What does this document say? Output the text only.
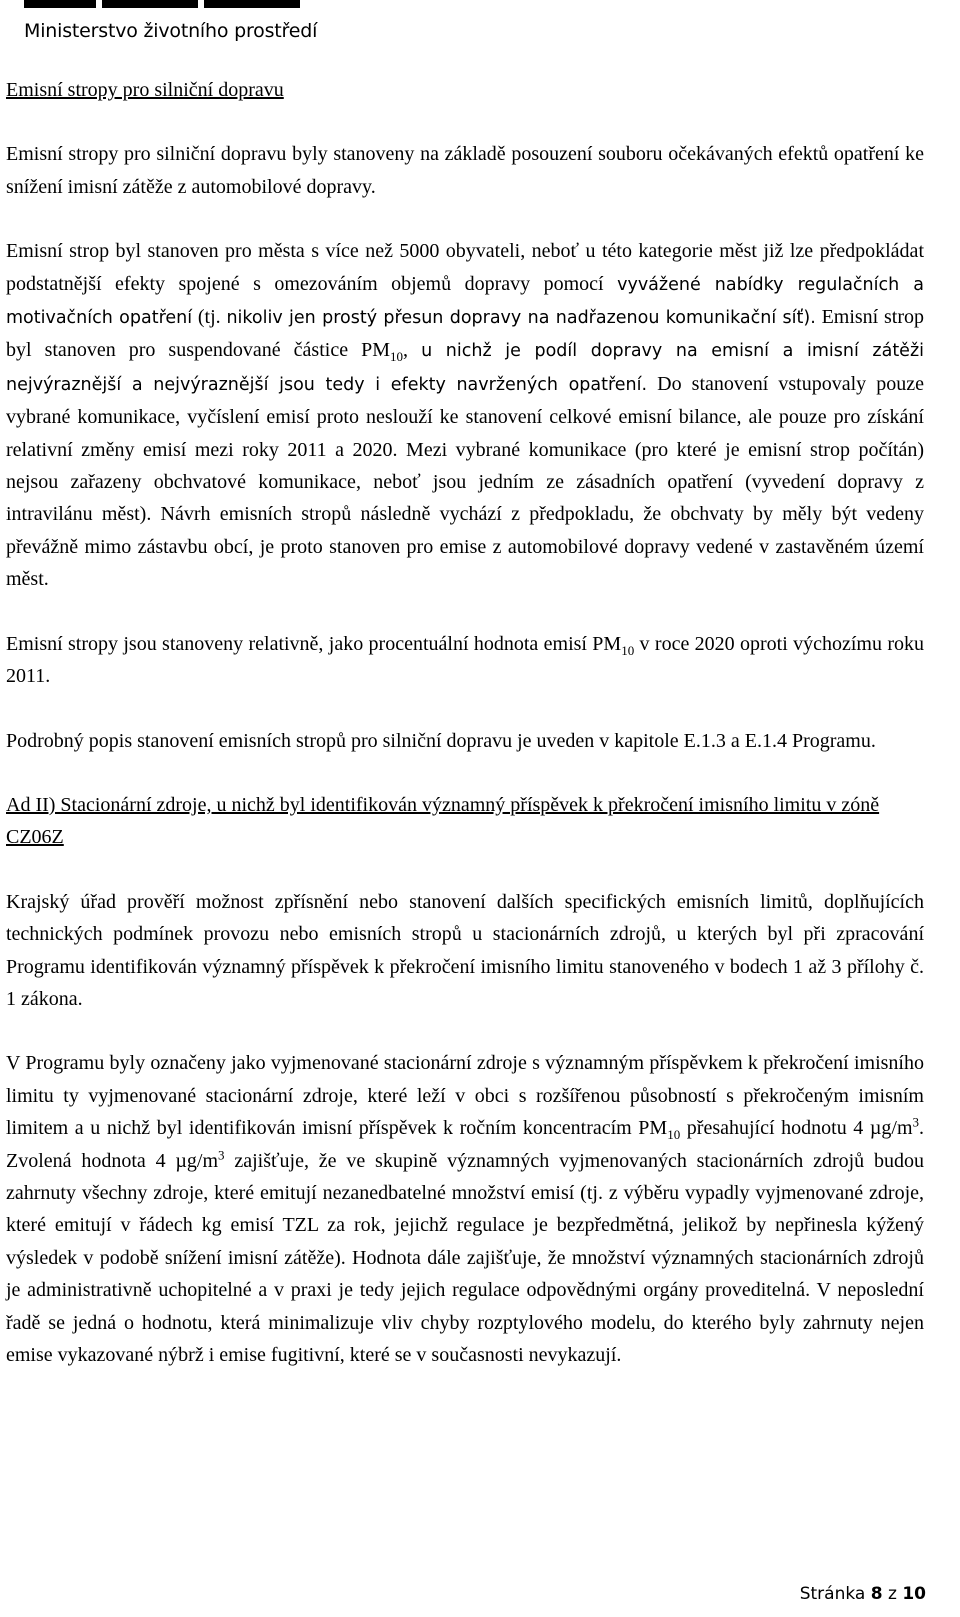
Ministerstvo životního prostředí

Emisní stropy pro silniční dopravu

Emisní stropy pro silniční dopravu byly stanoveny na základě posouzení souboru očekávaných efektů opatření ke snížení imisní zátěže z automobilové dopravy.

Emisní strop byl stanoven pro města s více než 5000 obyvateli, neboť u této kategorie měst již lze předpokládat podstatnější efekty spojené s omezováním objemů dopravy pomocí vyvážené nabídky regulačních a motivačních opatření (tj. nikoliv jen prostý přesun dopravy na nadřazenou komunikační síť). Emisní strop byl stanoven pro suspendované částice $PM_{10}$, u nichž je podíl dopravy na emisní a imisní zátěži nejvýraznější a nejvýraznější jsou tedy i efekty navržených opatření. Do stanovení vstupovaly pouze vybrané komunikace, vyčíslení emisí proto neslouží ke stanovení celkové emisní bilance, ale pouze pro získání relativní změny emisí mezi roky 2011 a 2020. Mezi vybrané komunikace (pro které je emisní strop počítán) nejsou zařazeny obchvatové komunikace, neboť jsou jedním ze zásadních opatření (vyvedení dopravy z intravilánu měst). Návrh emisních stropů následně vychází z předpokladu, že obchvaty by měly být vedeny převážně mimo zástavbu obcí, je proto stanoven pro emise z automobilové dopravy vedené v zastavěném území měst.

Emisní stropy jsou stanoveny relativně, jako procentuální hodnota emisí $PM_{10}$ v roce 2020 oproti výchozímu roku 2011.

Podrobný popis stanovení emisních stropů pro silniční dopravu je uveden v kapitole E.1.3 a E.1.4 Programu.

Ad II) Stacionární zdroje, u nichž byl identifikován významný příspěvek k překročení imisního limitu v zóně CZ06Z

Krajský úřad prověří možnost zpřísnění nebo stanovení dalších specifických emisních limitů, doplňujících technických podmínek provozu nebo emisních stropů u stacionárních zdrojů, u kterých byl při zpracování Programu identifikován významný příspěvek k překročení imisního limitu stanoveného v bodech 1 až 3 přílohy č. 1 zákona.

V Programu byly označeny jako vyjmenované stacionární zdroje s významným příspěvkem k překročení imisního limitu ty vyjmenované stacionární zdroje, které leží v obci s rozšířenou působností s překročeným imisním limitem a u nichž byl identifikován imisní příspěvek k ročním koncentracím $PM_{10}$ přesahující hodnotu 4 $\mu g/m^3$. Zvolená hodnota 4 $\mu g/m^3$ zajišťuje, že ve skupině významných vyjmenovaných stacionárních zdrojů budou zahrnuty všechny zdroje, které emitují nezanedbatelné množství emisí (tj. z výběru vypadly vyjmenované zdroje, které emitují v řádech kg emisí TZL za rok, jejichž regulace je bezpředmětná, jelikož by nepřinesla kýžený výsledek v podobě snížení imisní zátěže). Hodnota dále zajišťuje, že množství významných stacionárních zdrojů je administrativně uchopitelné a v praxi je tedy jejich regulace odpovědnými orgány proveditelná. V neposlední řadě se jedná o hodnotu, která minimalizuje vliv chyby rozptylového modelu, do kterého byly zahrnuty nejen emise vykazované nýbrž i emise fugitivní, které se v současnosti nevykazují.

Stránka 8 z 10
